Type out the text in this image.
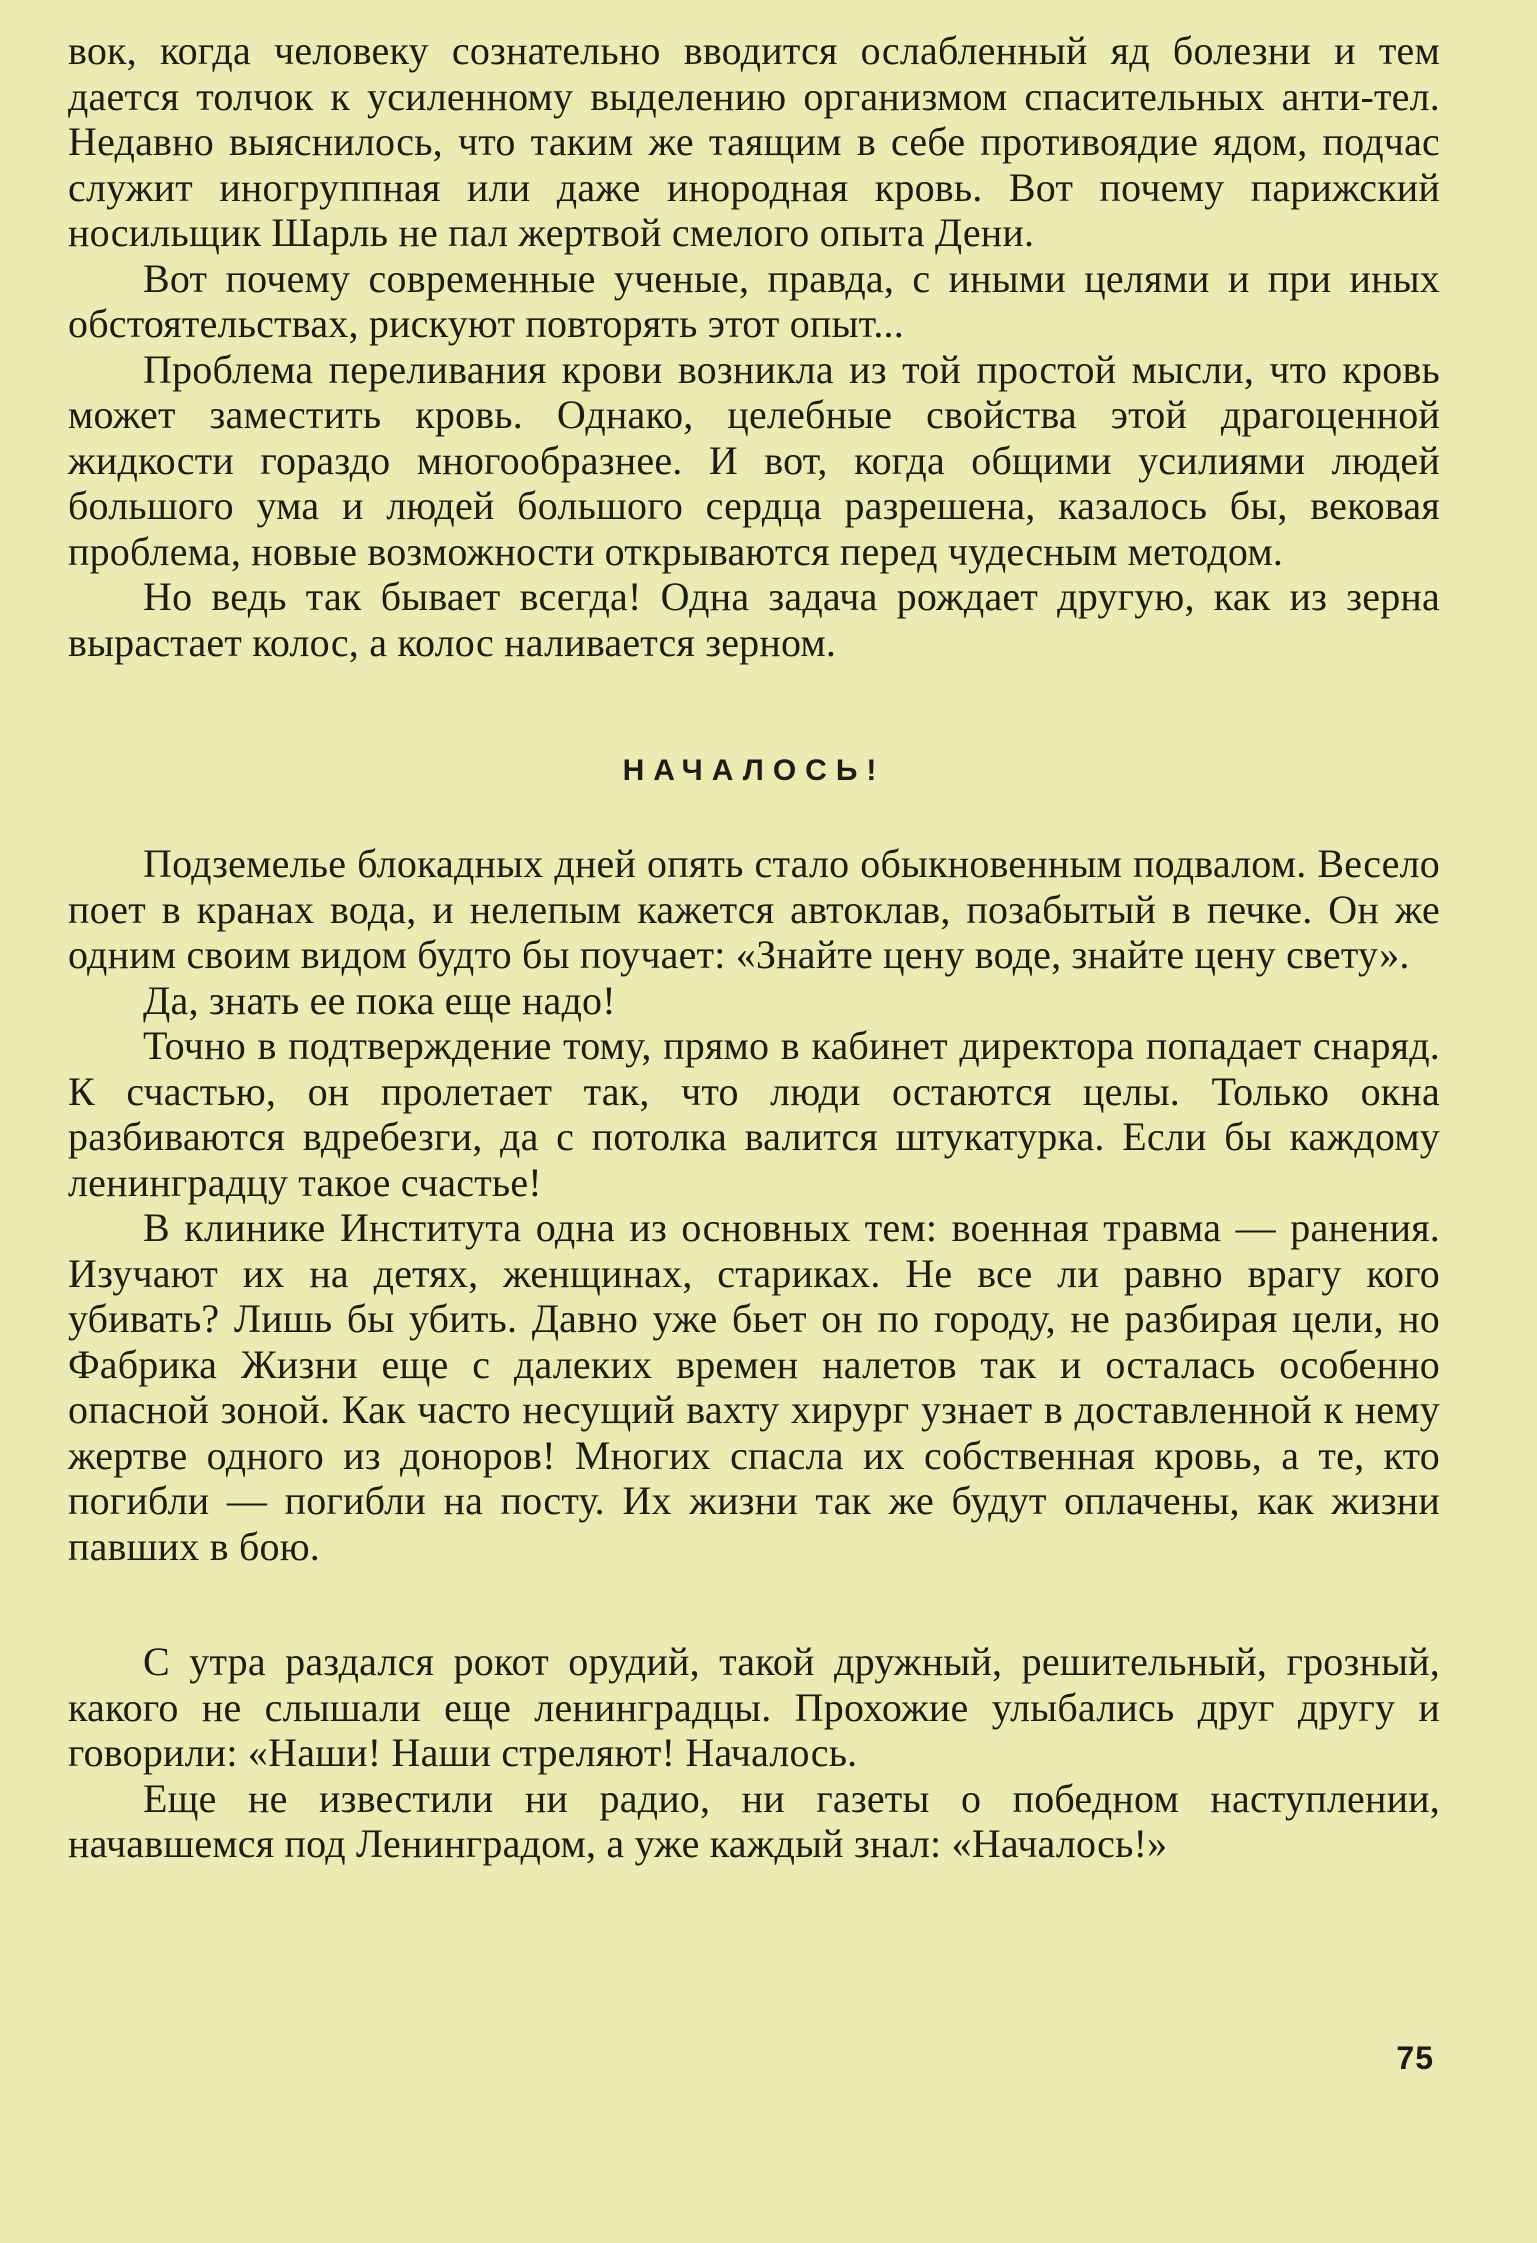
вок, когда человеку сознательно вводится ослабленный яд болезни и тем дается толчок к усиленному выделению организмом спасительных анти-тел. Недавно выяснилось, что таким же таящим в себе противоядие ядом, подчас служит иногруппная или даже инородная кровь. Вот почему парижский носильщик Шарль не пал жертвой смелого опыта Дени.

Вот почему современные ученые, правда, с иными целями и при иных обстоятельствах, рискуют повторять этот опыт...

Проблема переливания крови возникла из той простой мысли, что кровь может заместить кровь. Однако, целебные свойства этой драгоценной жидкости гораздо многообразнее. И вот, когда общими усилиями людей большого ума и людей большого сердца разрешена, казалось бы, вековая проблема, новые возможности открываются перед чудесным методом.

Но ведь так бывает всегда! Одна задача рождает другую, как из зерна вырастает колос, а колос наливается зерном.

НАЧАЛОСЬ!

Подземелье блокадных дней опять стало обыкновенным подвалом. Весело поет в кранах вода, и нелепым кажется автоклав, позабытый в печке. Он же одним своим видом будто бы поучает: «Знайте цену воде, знайте цену свету».

Да, знать ее пока еще надо!

Точно в подтверждение тому, прямо в кабинет директора попадает снаряд. К счастью, он пролетает так, что люди остаются целы. Только окна разбиваются вдребезги, да с потолка валится штукатурка. Если бы каждому ленинградцу такое счастье!

В клинике Института одна из основных тем: военная травма — ранения. Изучают их на детях, женщинах, стариках. Не все ли равно врагу кого убивать? Лишь бы убить. Давно уже бьет он по городу, не разбирая цели, но Фабрика Жизни еще с далеких времен налетов так и осталась особенно опасной зоной. Как часто несущий вахту хирург узнает в доставленной к нему жертве одного из доноров! Многих спасла их собственная кровь, а те, кто погибли — погибли на посту. Их жизни так же будут оплачены, как жизни павших в бою.

С утра раздался рокот орудий, такой дружный, решительный, грозный, какого не слышали еще ленинградцы. Прохожие улыбались друг другу и говорили: «Наши! Наши стреляют! Началось.

Еще не известили ни радио, ни газеты о победном наступлении, начавшемся под Ленинградом, а уже каждый знал: «Началось!»

75
